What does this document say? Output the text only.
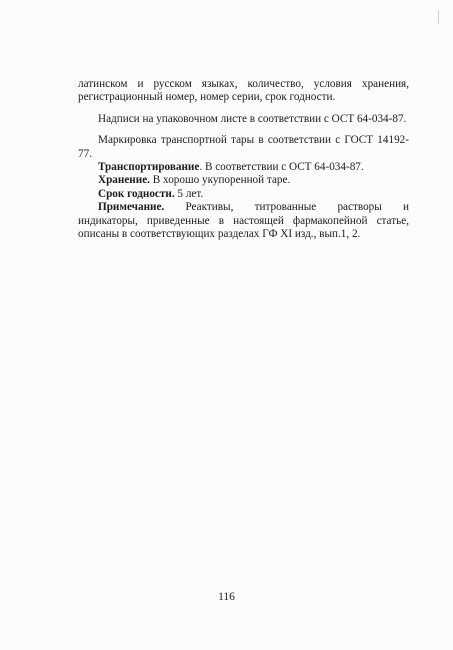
латинском и русском языках, количество, условия хранения,

регистрационный номер, номер серии, срок годности.

Надписи на упаковочном листе в соответствии с ОСТ 64-034-87.

Маркировка транспортной тары в соответствии с ГОСТ 14192-77.

Транспортирование. В соответствии с ОСТ 64-034-87.

Хранение. В хорошо укупоренной таре.

Срок годности. 5 лет.

Примечание. Реактивы, титрованные растворы и

индикаторы, приведенные в настоящей фармакопейной статье, описаны в соответствующих разделах ГФ XI изд., вып.1, 2.

116
